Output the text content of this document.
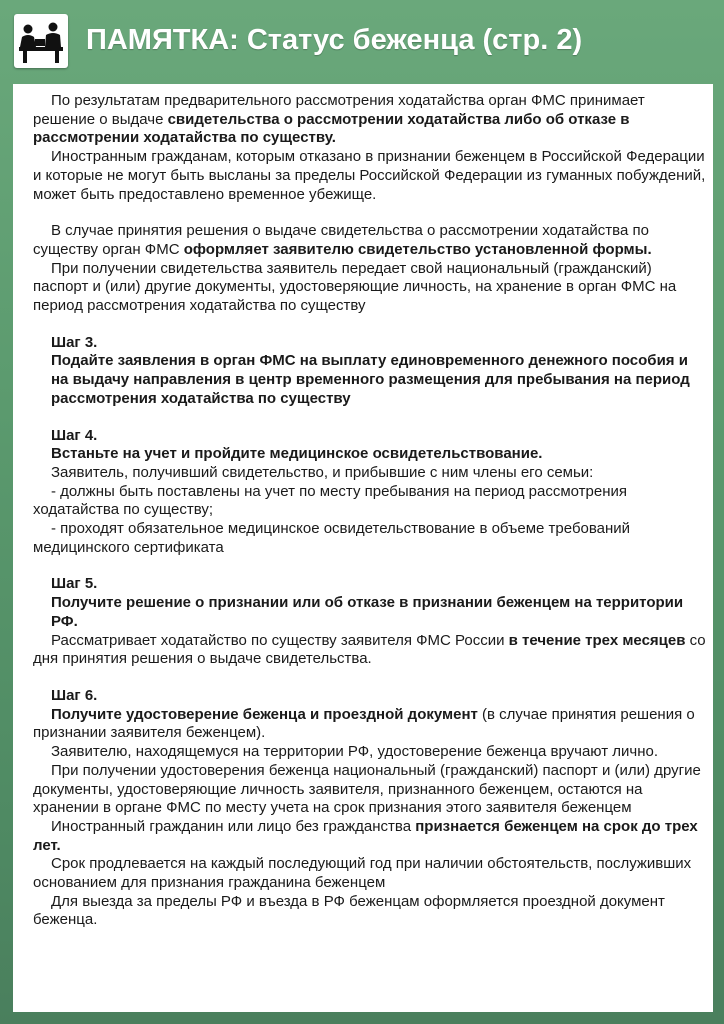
ПАМЯТКА: Статус беженца (стр. 2)

По результатам предварительного рассмотрения ходатайства орган ФМС принимает решение о выдаче свидетельства о рассмотрении ходатайства либо об отказе в рассмотрении ходатайства по существу.

Иностранным гражданам, которым отказано в признании беженцем в Российской Федерации и которые не могут быть высланы за пределы Российской Федерации из гуманных побуждений, может быть предоставлено временное убежище.

В случае принятия решения о выдаче свидетельства о рассмотрении ходатайства по существу орган ФМС оформляет заявителю свидетельство установленной формы.

При получении свидетельства заявитель передает свой национальный (гражданский) паспорт и (или) другие документы, удостоверяющие личность, на хранение в орган ФМС на период рассмотрения ходатайства по существу

Шаг 3.

Подайте заявления в орган ФМС на выплату единовременного денежного пособия и на выдачу направления в центр временного размещения для пребывания на период рассмотрения ходатайства по существу

Шаг 4.

Встаньте на учет и пройдите медицинское освидетельствование.

Заявитель, получивший свидетельство, и прибывшие с ним члены его семьи:

- должны быть поставлены на учет по месту пребывания на период рассмотрения ходатайства по существу;

- проходят обязательное медицинское освидетельствование в объеме требований медицинского сертификата

Шаг 5.

Получите решение о признании или об отказе в признании беженцем на территории РФ.

Рассматривает ходатайство по существу заявителя ФМС России в течение трех месяцев со дня принятия решения о выдаче свидетельства.

Шаг 6.

Получите удостоверение беженца и проездной документ (в случае принятия решения о признании заявителя беженцем).

Заявителю, находящемуся на территории РФ, удостоверение беженца вручают лично.

При получении удостоверения беженца национальный (гражданский) паспорт и (или) другие документы, удостоверяющие личность заявителя, признанного беженцем, остаются на хранении в органе ФМС по месту учета на срок признания этого заявителя беженцем

Иностранный гражданин или лицо без гражданства признается беженцем на срок до трех лет.

Срок продлевается на каждый последующий год при наличии обстоятельств, послуживших основанием для признания гражданина беженцем

Для выезда за пределы РФ и въезда в РФ беженцам оформляется проездной документ беженца.
